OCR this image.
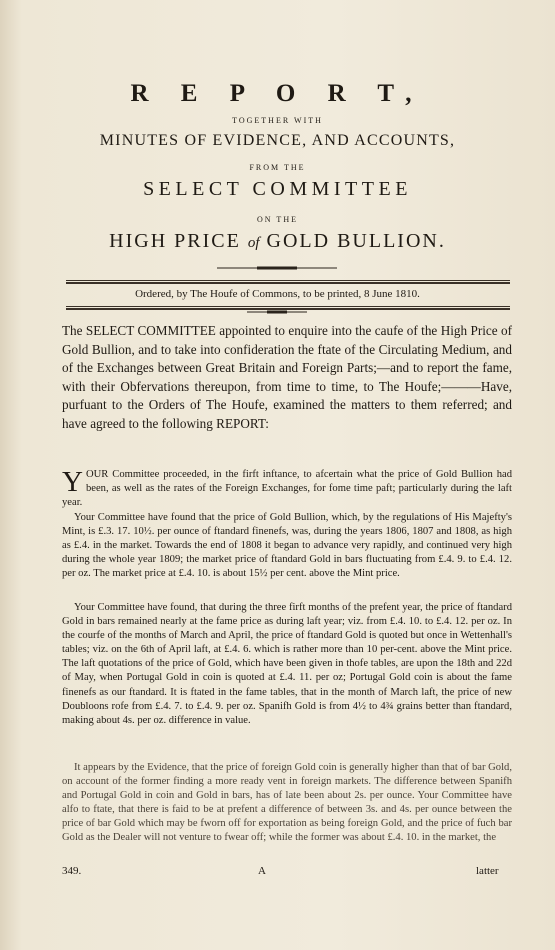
R E P O R T,
TOGETHER WITH
MINUTES OF EVIDENCE, AND ACCOUNTS,
FROM THE
SELECT COMMITTEE
ON THE
HIGH PRICE of GOLD BULLION.
Ordered, by The Houfe of Commons, to be printed, 8 June 1810.
The SELECT COMMITTEE appointed to enquire into the caufe of the High Price of Gold Bullion, and to take into confideration the ftate of the Circulating Medium, and of the Exchanges between Great Britain and Foreign Parts;—and to report the fame, with their Obfervations thereupon, from time to time, to The Houfe;———Have, purfuant to the Orders of The Houfe, examined the matters to them referred; and have agreed to the following REPORT:
YOUR Committee proceeded, in the firft inftance, to afcertain what the price of Gold Bullion had been, as well as the rates of the Foreign Exchanges, for fome time paft; particularly during the laft year.
Your Committee have found that the price of Gold Bullion, which, by the regulations of His Majefty's Mint, is £.3. 17. 10½. per ounce of ftandard finenefs, was, during the years 1806, 1807 and 1808, as high as £.4. in the market. Towards the end of 1808 it began to advance very rapidly, and continued very high during the whole year 1809; the market price of ftandard Gold in bars fluctuating from £.4. 9. to £.4. 12. per oz. The market price at £.4. 10. is about 15½ per cent. above the Mint price.
Your Committee have found, that during the three firft months of the prefent year, the price of ftandard Gold in bars remained nearly at the fame price as during laft year; viz. from £.4. 10. to £.4. 12. per oz. In the courfe of the months of March and April, the price of ftandard Gold is quoted but once in Wettenhall's tables; viz. on the 6th of April laft, at £.4. 6. which is rather more than 10 per-cent. above the Mint price. The laft quotations of the price of Gold, which have been given in thofe tables, are upon the 18th and 22d of May, when Portugal Gold in coin is quoted at £.4. 11. per oz; Portugal Gold coin is about the fame finenefs as our ftandard. It is ftated in the fame tables, that in the month of March laft, the price of new Doubloons rofe from £.4. 7. to £.4. 9. per oz. Spanifh Gold is from 4½ to 4¾ grains better than ftandard, making about 4s. per oz. difference in value.
It appears by the Evidence, that the price of foreign Gold coin is generally higher than that of bar Gold, on account of the former finding a more ready vent in foreign markets. The difference between Spanifh and Portugal Gold in coin and Gold in bars, has of late been about 2s. per ounce. Your Committee have alfo to ftate, that there is faid to be at prefent a difference of between 3s. and 4s. per ounce between the price of bar Gold which may be fworn off for exportation as being foreign Gold, and the price of fuch bar Gold as the Dealer will not venture to fwear off; while the former was about £.4. 10. in the market, the
349.	A	latter
